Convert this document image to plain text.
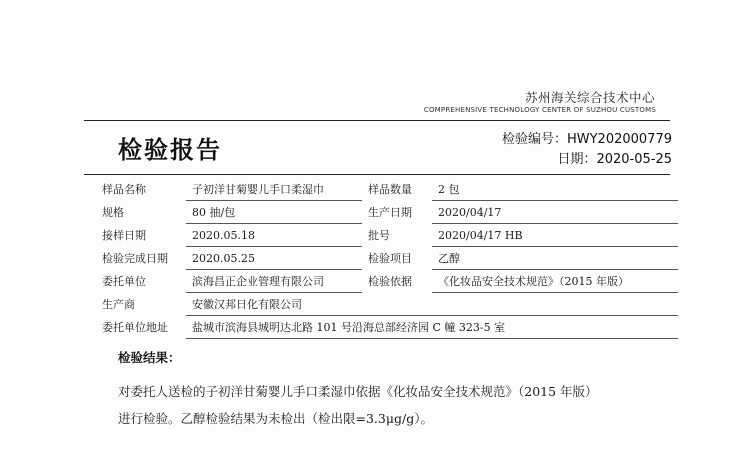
苏州海关综合技术中心
COMPREHENSIVE TECHNOLOGY CENTER OF SUZHOU CUSTOMS
检验报告	检验编号：HWY202000779
日期：2020-05-25
样品名称	子初洋甘菊婴儿手口柔湿巾	样品数量	2 包
规格	80 抽/包	生产日期	2020/04/17
接样日期	2020.05.18	批号	2020/04/17 HB
检验完成日期	2020.05.25	检验项目	乙醇
委托单位	滨海昌正企业管理有限公司	检验依据	《化妆品安全技术规范》（2015 年版）
生产商	安徽汉邦日化有限公司		
委托单位地址	盐城市滨海县城明达北路 101 号沿海总部经济园 C 幢 323-5 室		
检验结果：
对委托人送检的子初洋甘菊婴儿手口柔湿巾依据《化妆品安全技术规范》（2015 年版）
进行检验。乙醇检验结果为未检出（检出限=3.3μg/g）。
